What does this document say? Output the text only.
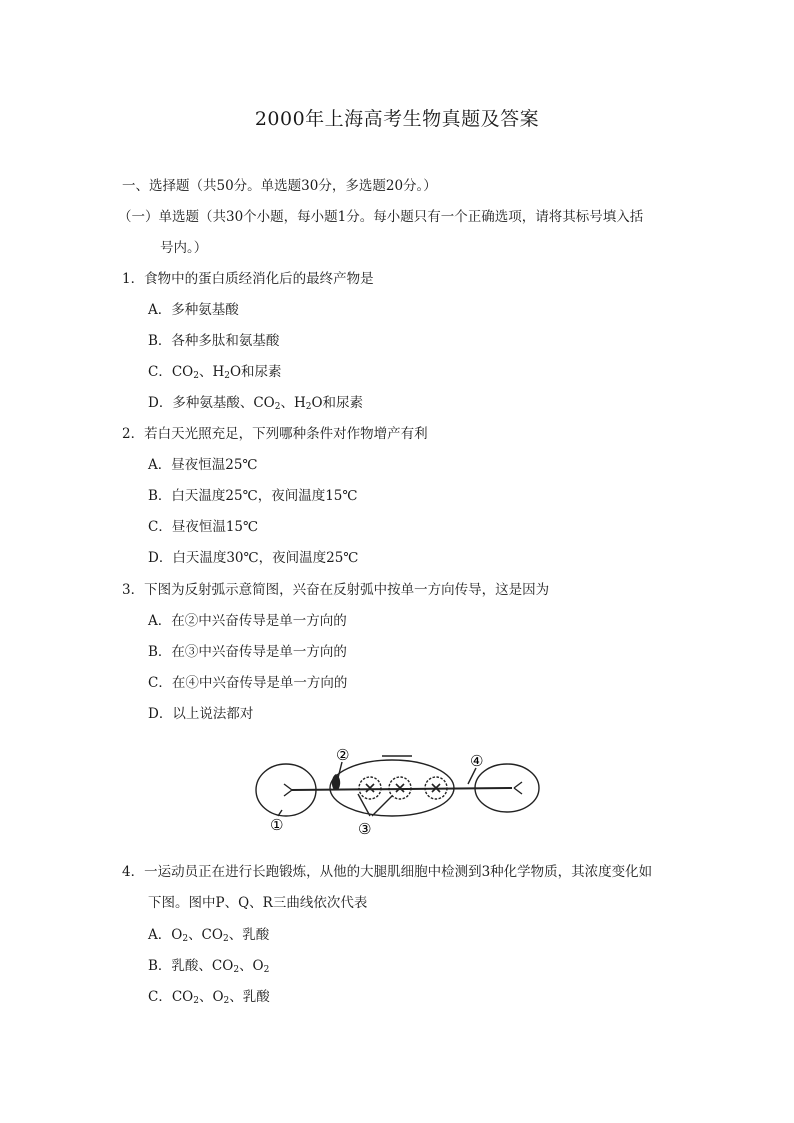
2000年上海高考生物真题及答案
一、选择题（共50分。单选题30分，多选题20分。）
（一）单选题（共30个小题，每小题1分。每小题只有一个正确选项，请将其标号填入括
号内。）
1．食物中的蛋白质经消化后的最终产物是
A．多种氨基酸
B．各种多肽和氨基酸
C．$CO_2$、$H_2O$和尿素
D．多种氨基酸、$CO_2$、$H_2O$和尿素
2．若白天光照充足，下列哪种条件对作物增产有利
A．昼夜恒温25℃
B．白天温度25℃，夜间温度15℃
C．昼夜恒温15℃
D．白天温度30℃，夜间温度25℃
3．下图为反射弧示意简图，兴奋在反射弧中按单一方向传导，这是因为
A．在②中兴奋传导是单一方向的
B．在③中兴奋传导是单一方向的
C．在④中兴奋传导是单一方向的
D．以上说法都对
①
②
③
④
4．一运动员正在进行长跑锻炼，从他的大腿肌细胞中检测到3种化学物质，其浓度变化如
下图。图中P、Q、R三曲线依次代表
A．$O_2$、$CO_2$、乳酸
B．乳酸、$CO_2$、$O_2$
C．$CO_2$、$O_2$、乳酸
